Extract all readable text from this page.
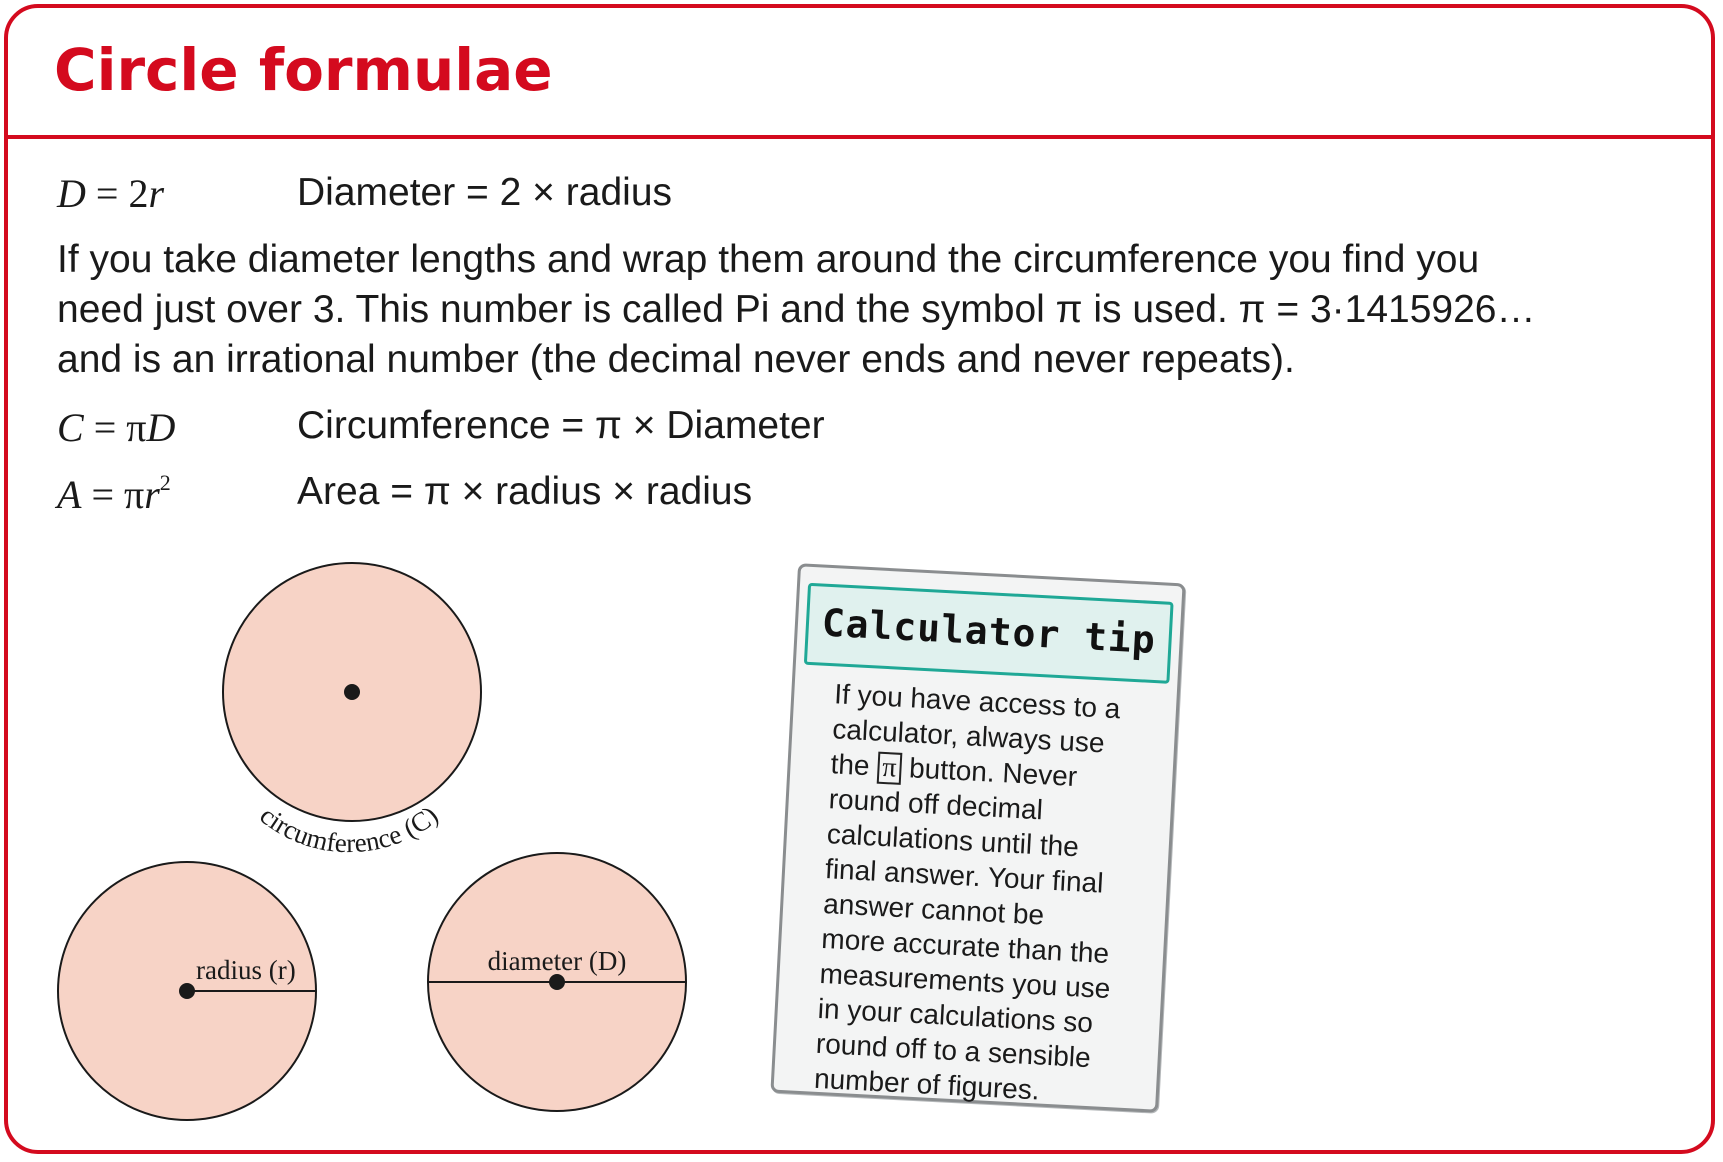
Circle formulae
D = 2r	Diameter = 2 × radius
If you take diameter lengths and wrap them around the circumference you find you
need just over 3. This number is called Pi and the symbol π is used. π = 3·1415926…
and is an irrational number (the decimal never ends and never repeats).
C = πD	Circumference = π × Diameter
$A = \pi r^2$	Area = π × radius × radius
circumference (C)
radius (r)	diameter (D)
Calculator tip
If you have access to a
calculator, always use
the π button. Never
round off decimal
calculations until the
final answer. Your final
answer cannot be
more accurate than the
measurements you use
in your calculations so
round off to a sensible
number of figures.
